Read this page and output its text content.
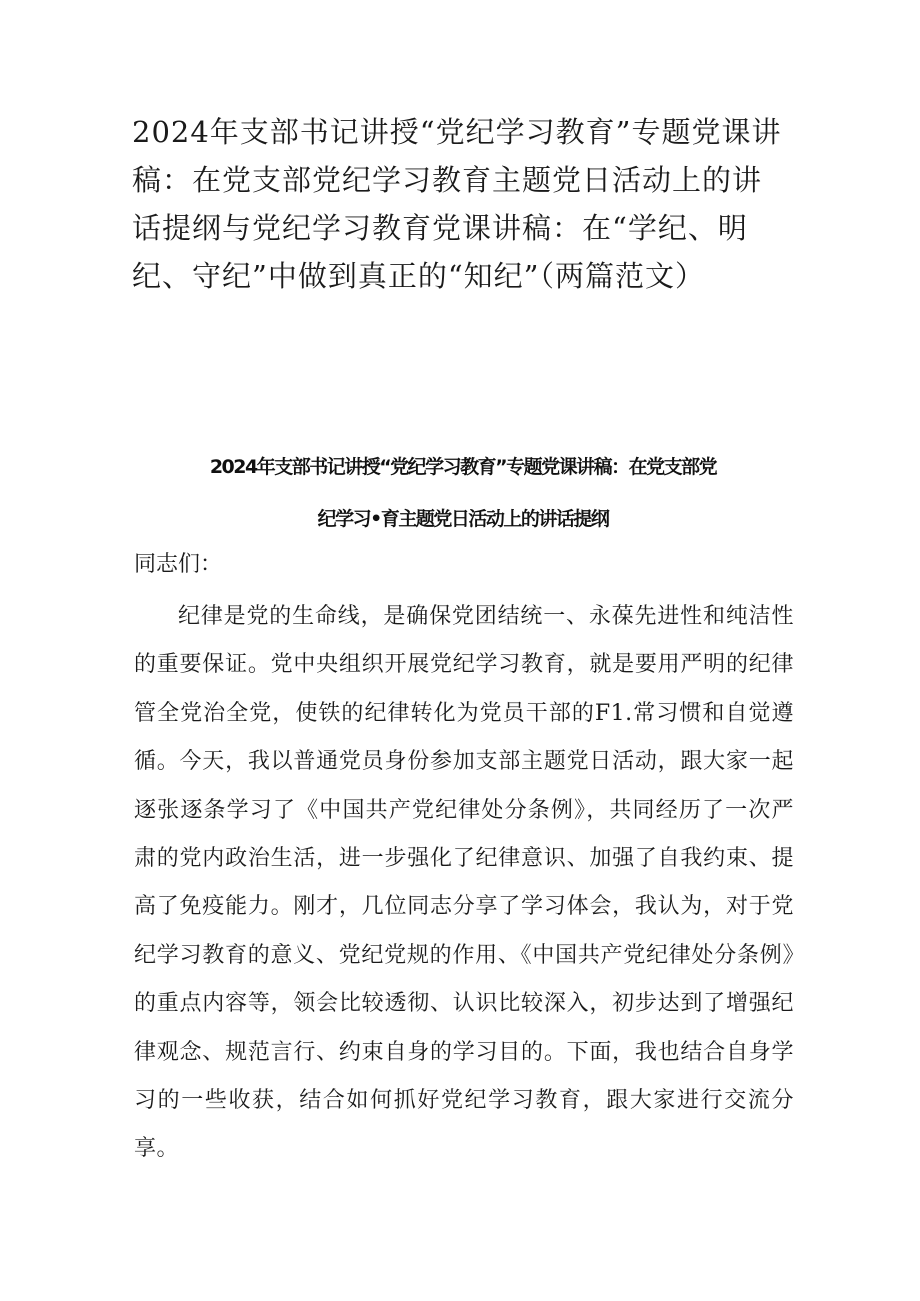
2024年支部书记讲授“党纪学习教育”专题党课讲稿：在党支部党纪学习教育主题党日活动上的讲话提纲与党纪学习教育党课讲稿：在“学纪、明纪、守纪”中做到真正的“知纪”（两篇范文）
2024年支部书记讲授“党纪学习教育”专题党课讲稿：在党支部党
纪学习•育主题党日活动上的讲话提纲

同志们：

纪律是党的生命线，是确保党团结统一、永葆先进性和纯洁性的重要保证。党中央组织开展党纪学习教育，就是要用严明的纪律管全党治全党，使铁的纪律转化为党员干部的F1.常习惯和自觉遵循。今天，我以普通党员身份参加支部主题党日活动，跟大家一起逐张逐条学习了《中国共产党纪律处分条例》，共同经历了一次严肃的党内政治生活，进一步强化了纪律意识、加强了自我约束、提高了免疫能力。刚才，几位同志分享了学习体会，我认为，对于党纪学习教育的意义、党纪党规的作用、《中国共产党纪律处分条例》的重点内容等，领会比较透彻、认识比较深入，初步达到了增强纪律观念、规范言行、约束自身的学习目的。下面，我也结合自身学习的一些收获，结合如何抓好党纪学习教育，跟大家进行交流分享。
